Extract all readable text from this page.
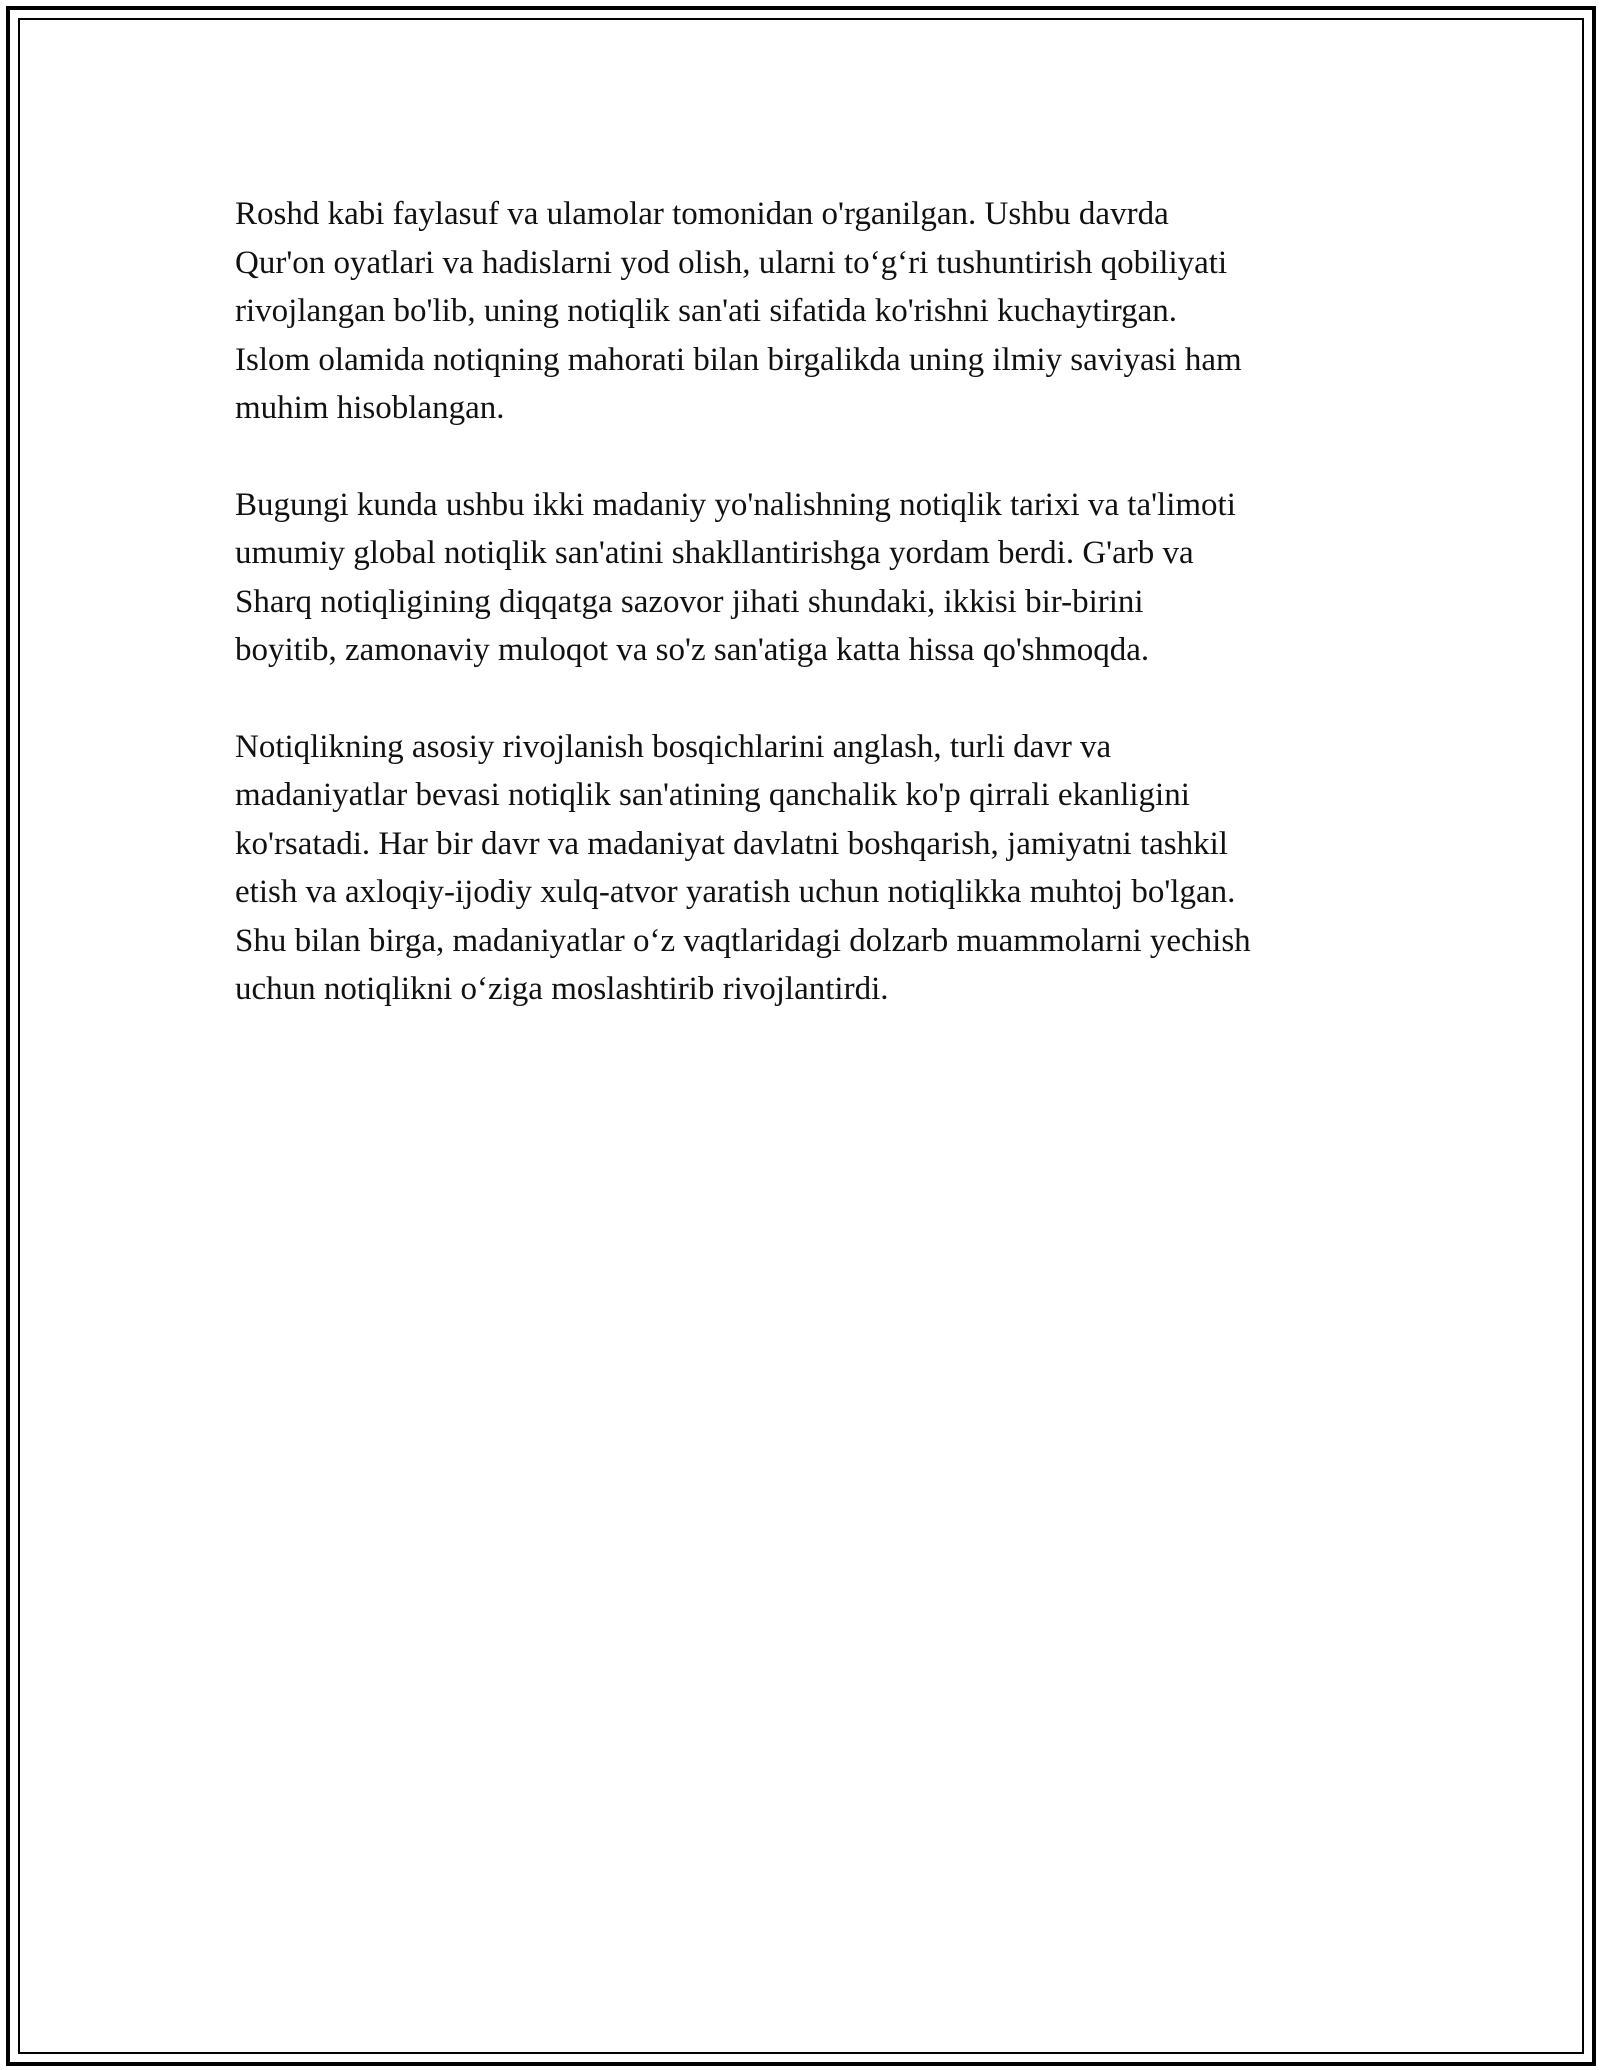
Roshd kabi faylasuf va ulamolar tomonidan o'rganilgan. Ushbu davrda
Qur'on oyatlari va hadislarni yod olish, ularni to‘g‘ri tushuntirish qobiliyati
rivojlangan bo'lib, uning notiqlik san'ati sifatida ko'rishni kuchaytirgan.
Islom olamida notiqning mahorati bilan birgalikda uning ilmiy saviyasi ham
muhim hisoblangan.

Bugungi kunda ushbu ikki madaniy yo'nalishning notiqlik tarixi va ta'limoti
umumiy global notiqlik san'atini shakllantirishga yordam berdi. G'arb va
Sharq notiqligining diqqatga sazovor jihati shundaki, ikkisi bir-birini
boyitib, zamonaviy muloqot va so'z san'atiga katta hissa qo'shmoqda.

Notiqlikning asosiy rivojlanish bosqichlarini anglash, turli davr va
madaniyatlar bevasi notiqlik san'atining qanchalik ko'p qirrali ekanligini
ko'rsatadi. Har bir davr va madaniyat davlatni boshqarish, jamiyatni tashkil
etish va axloqiy-ijodiy xulq-atvor yaratish uchun notiqlikka muhtoj bo'lgan.
Shu bilan birga, madaniyatlar o‘z vaqtlaridagi dolzarb muammolarni yechish
uchun notiqlikni o‘ziga moslashtirib rivojlantirdi.
